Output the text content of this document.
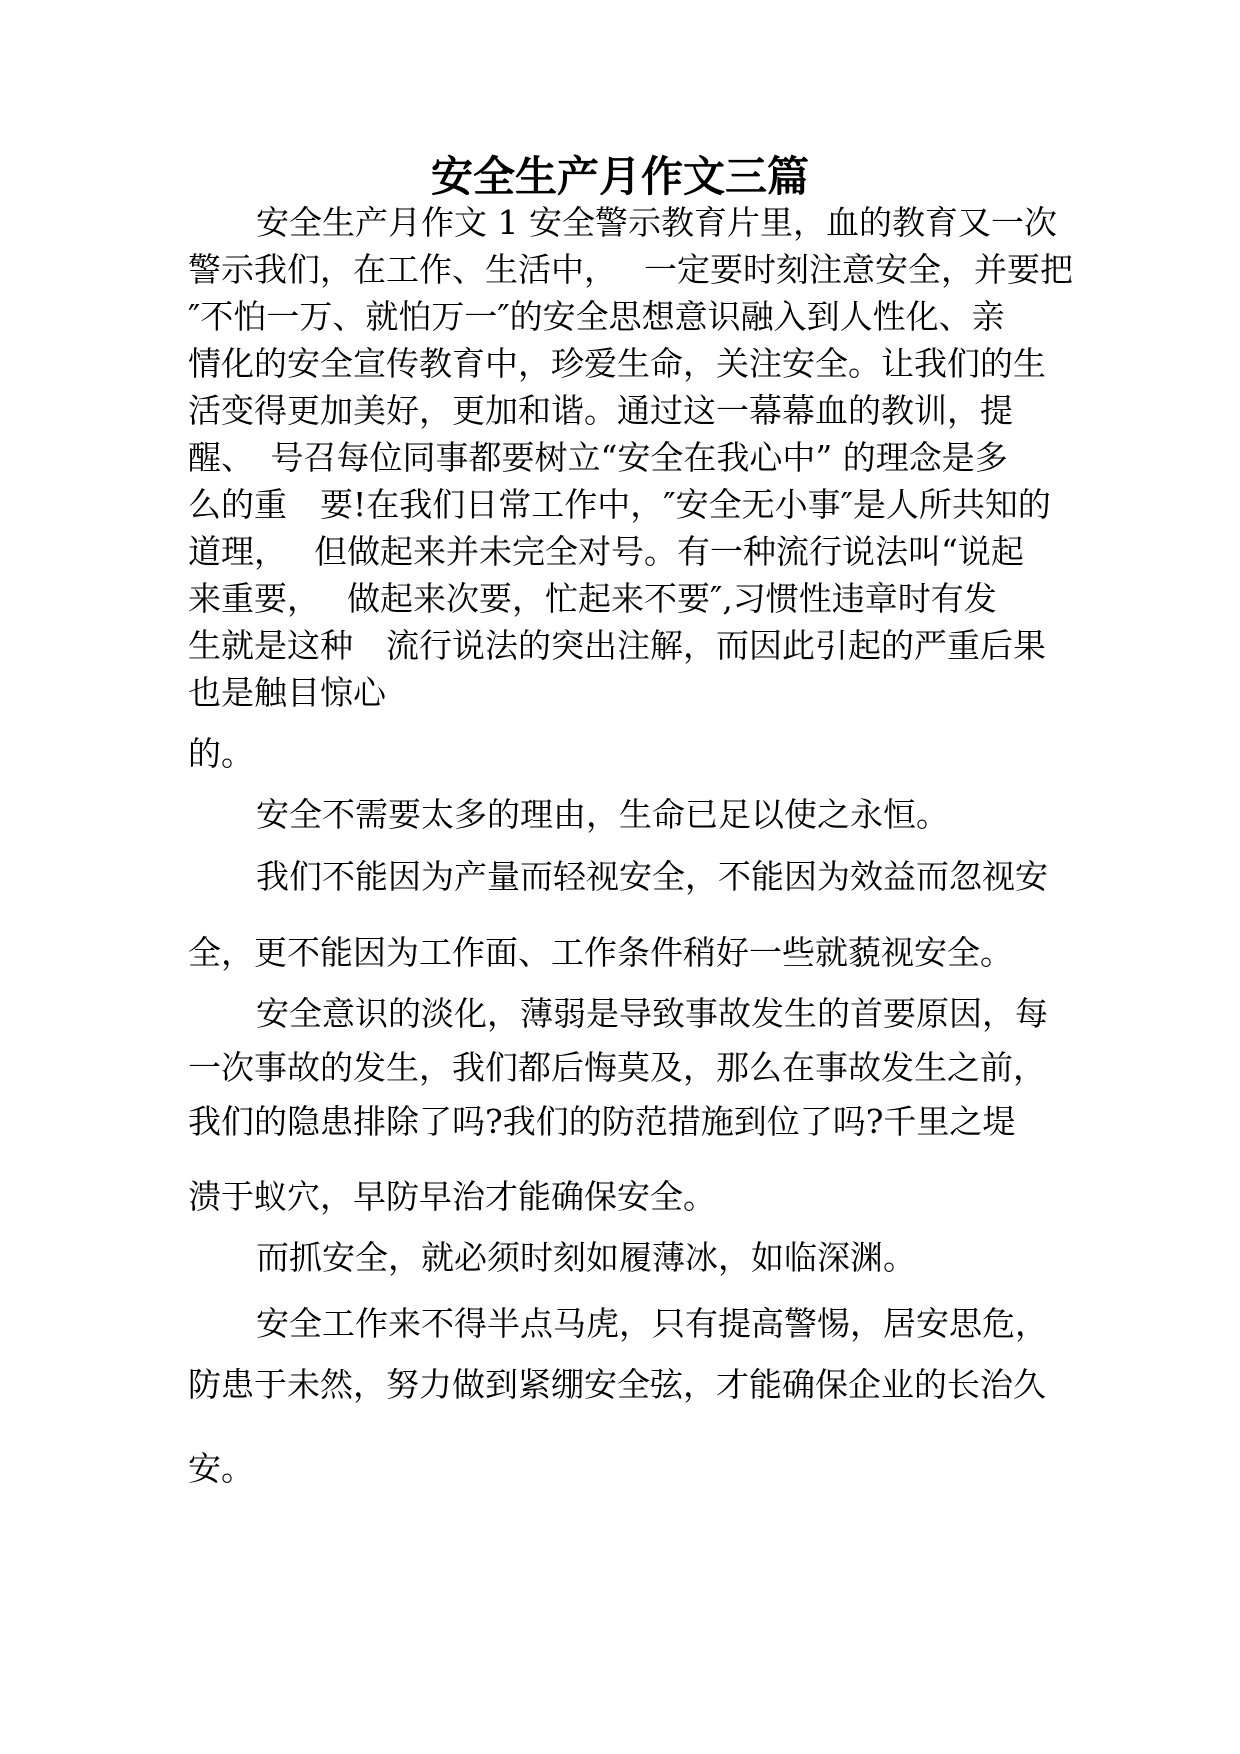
安全生产月作文三篇

安全生产月作文 1 安全警示教育片里，血的教育又一次

警示我们，在工作、生活中，　 一定要时刻注意安全，并要把

″不怕一万、就怕万一″的安全思想意识融入到人性化、亲

情化的安全宣传教育中，珍爱生命，关注安全。让我们的生

活变得更加美好，更加和谐。通过这一幕幕血的教训，提

醒、　号召每位同事都要树立“安全在我心中” 的理念是多

么的重　要!在我们日常工作中，″安全无小事″是人所共知的

道理，　 但做起来并未完全对号。有一种流行说法叫“说起

来重要，　 做起来次要，忙起来不要″,习惯性违章时有发

生就是这种　流行说法的突出注解，而因此引起的严重后果

也是触目惊心

的。

安全不需要太多的理由，生命已足以使之永恒。

我们不能因为产量而轻视安全，不能因为效益而忽视安

全，更不能因为工作面、工作条件稍好一些就藐视安全。

安全意识的淡化，薄弱是导致事故发生的首要原因，每

一次事故的发生，我们都后悔莫及，那么在事故发生之前，

我们的隐患排除了吗?我们的防范措施到位了吗?千里之堤

溃于蚁穴，早防早治才能确保安全。

而抓安全，就必须时刻如履薄冰，如临深渊。

安全工作来不得半点马虎，只有提高警惕，居安思危，

防患于未然，努力做到紧绷安全弦，才能确保企业的长治久

安。
